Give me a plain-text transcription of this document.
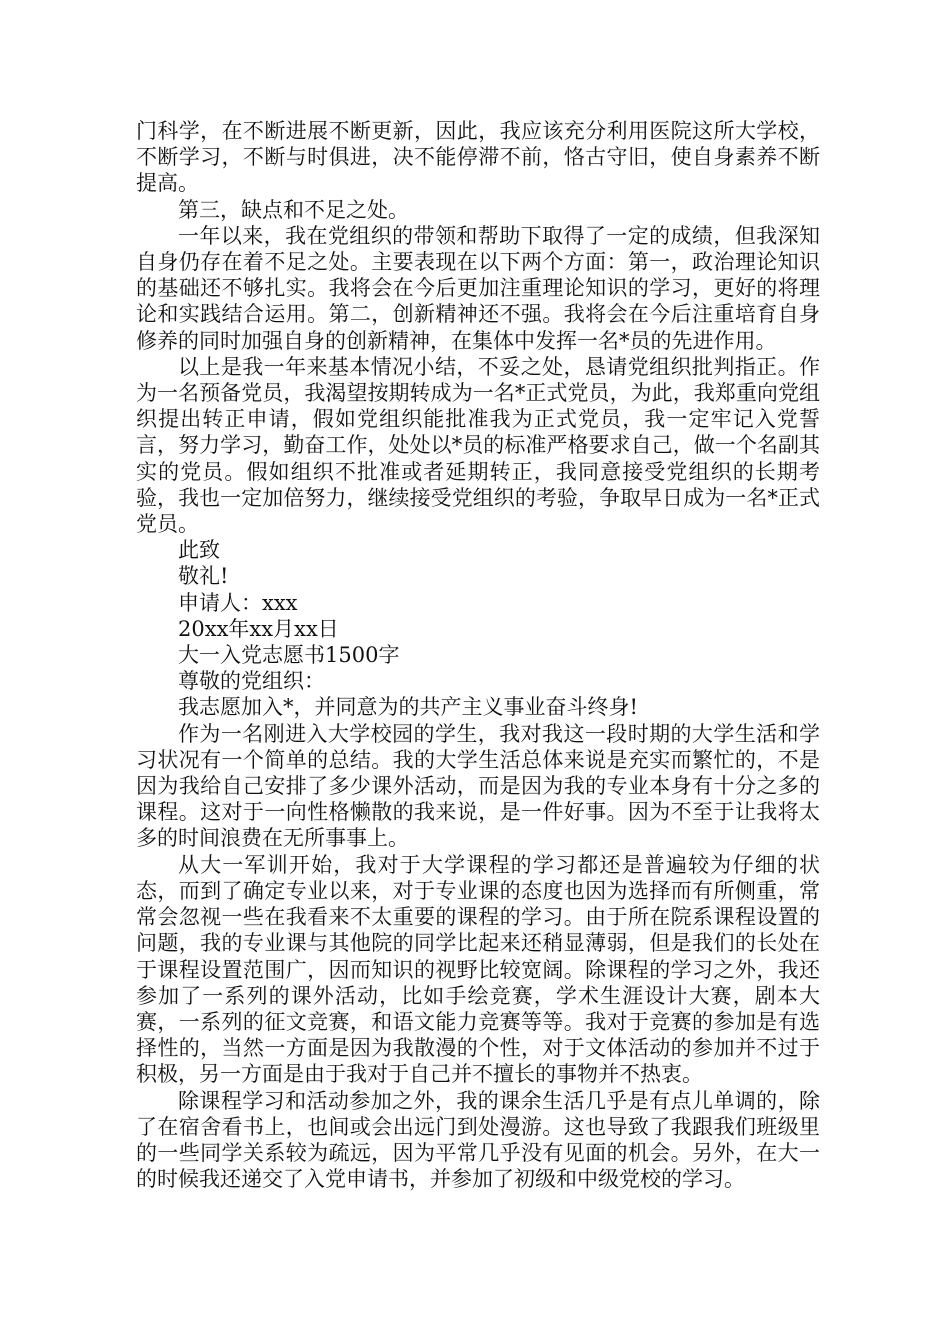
门科学，在不断进展不断更新，因此，我应该充分利用医院这所大学校，不断学习，不断与时俱进，决不能停滞不前，恪古守旧，使自身素养不断提高。

第三，缺点和不足之处。

一年以来，我在党组织的带领和帮助下取得了一定的成绩，但我深知自身仍存在着不足之处。主要表现在以下两个方面：第一，政治理论知识的基础还不够扎实。我将会在今后更加注重理论知识的学习，更好的将理论和实践结合运用。第二，创新精神还不强。我将会在今后注重培育自身修养的同时加强自身的创新精神，在集体中发挥一名*员的先进作用。

以上是我一年来基本情况小结，不妥之处，恳请党组织批判指正。作为一名预备党员，我渴望按期转成为一名*正式党员，为此，我郑重向党组织提出转正申请，假如党组织能批准我为正式党员，我一定牢记入党誓言，努力学习，勤奋工作，处处以*员的标准严格要求自己，做一个名副其实的党员。假如组织不批准或者延期转正，我同意接受党组织的长期考验，我也一定加倍努力，继续接受党组织的考验，争取早日成为一名*正式党员。

此致

敬礼!

申请人：xxx

20xx年xx月xx日

大一入党志愿书1500字

尊敬的党组织：

我志愿加入*，并同意为的共产主义事业奋斗终身!

作为一名刚进入大学校园的学生，我对我这一段时期的大学生活和学习状况有一个简单的总结。我的大学生活总体来说是充实而繁忙的，不是因为我给自己安排了多少课外活动，而是因为我的专业本身有十分之多的课程。这对于一向性格懒散的我来说，是一件好事。因为不至于让我将太多的时间浪费在无所事事上。

从大一军训开始，我对于大学课程的学习都还是普遍较为仔细的状态，而到了确定专业以来，对于专业课的态度也因为选择而有所侧重，常常会忽视一些在我看来不太重要的课程的学习。由于所在院系课程设置的问题，我的专业课与其他院的同学比起来还稍显薄弱，但是我们的长处在于课程设置范围广，因而知识的视野比较宽阔。除课程的学习之外，我还参加了一系列的课外活动，比如手绘竞赛，学术生涯设计大赛，剧本大赛，一系列的征文竞赛，和语文能力竞赛等等。我对于竞赛的参加是有选择性的，当然一方面是因为我散漫的个性，对于文体活动的参加并不过于积极，另一方面是由于我对于自己并不擅长的事物并不热衷。

除课程学习和活动参加之外，我的课余生活几乎是有点儿单调的，除了在宿舍看书上，也间或会出远门到处漫游。这也导致了我跟我们班级里的一些同学关系较为疏远，因为平常几乎没有见面的机会。另外，在大一的时候我还递交了入党申请书，并参加了初级和中级党校的学习。
